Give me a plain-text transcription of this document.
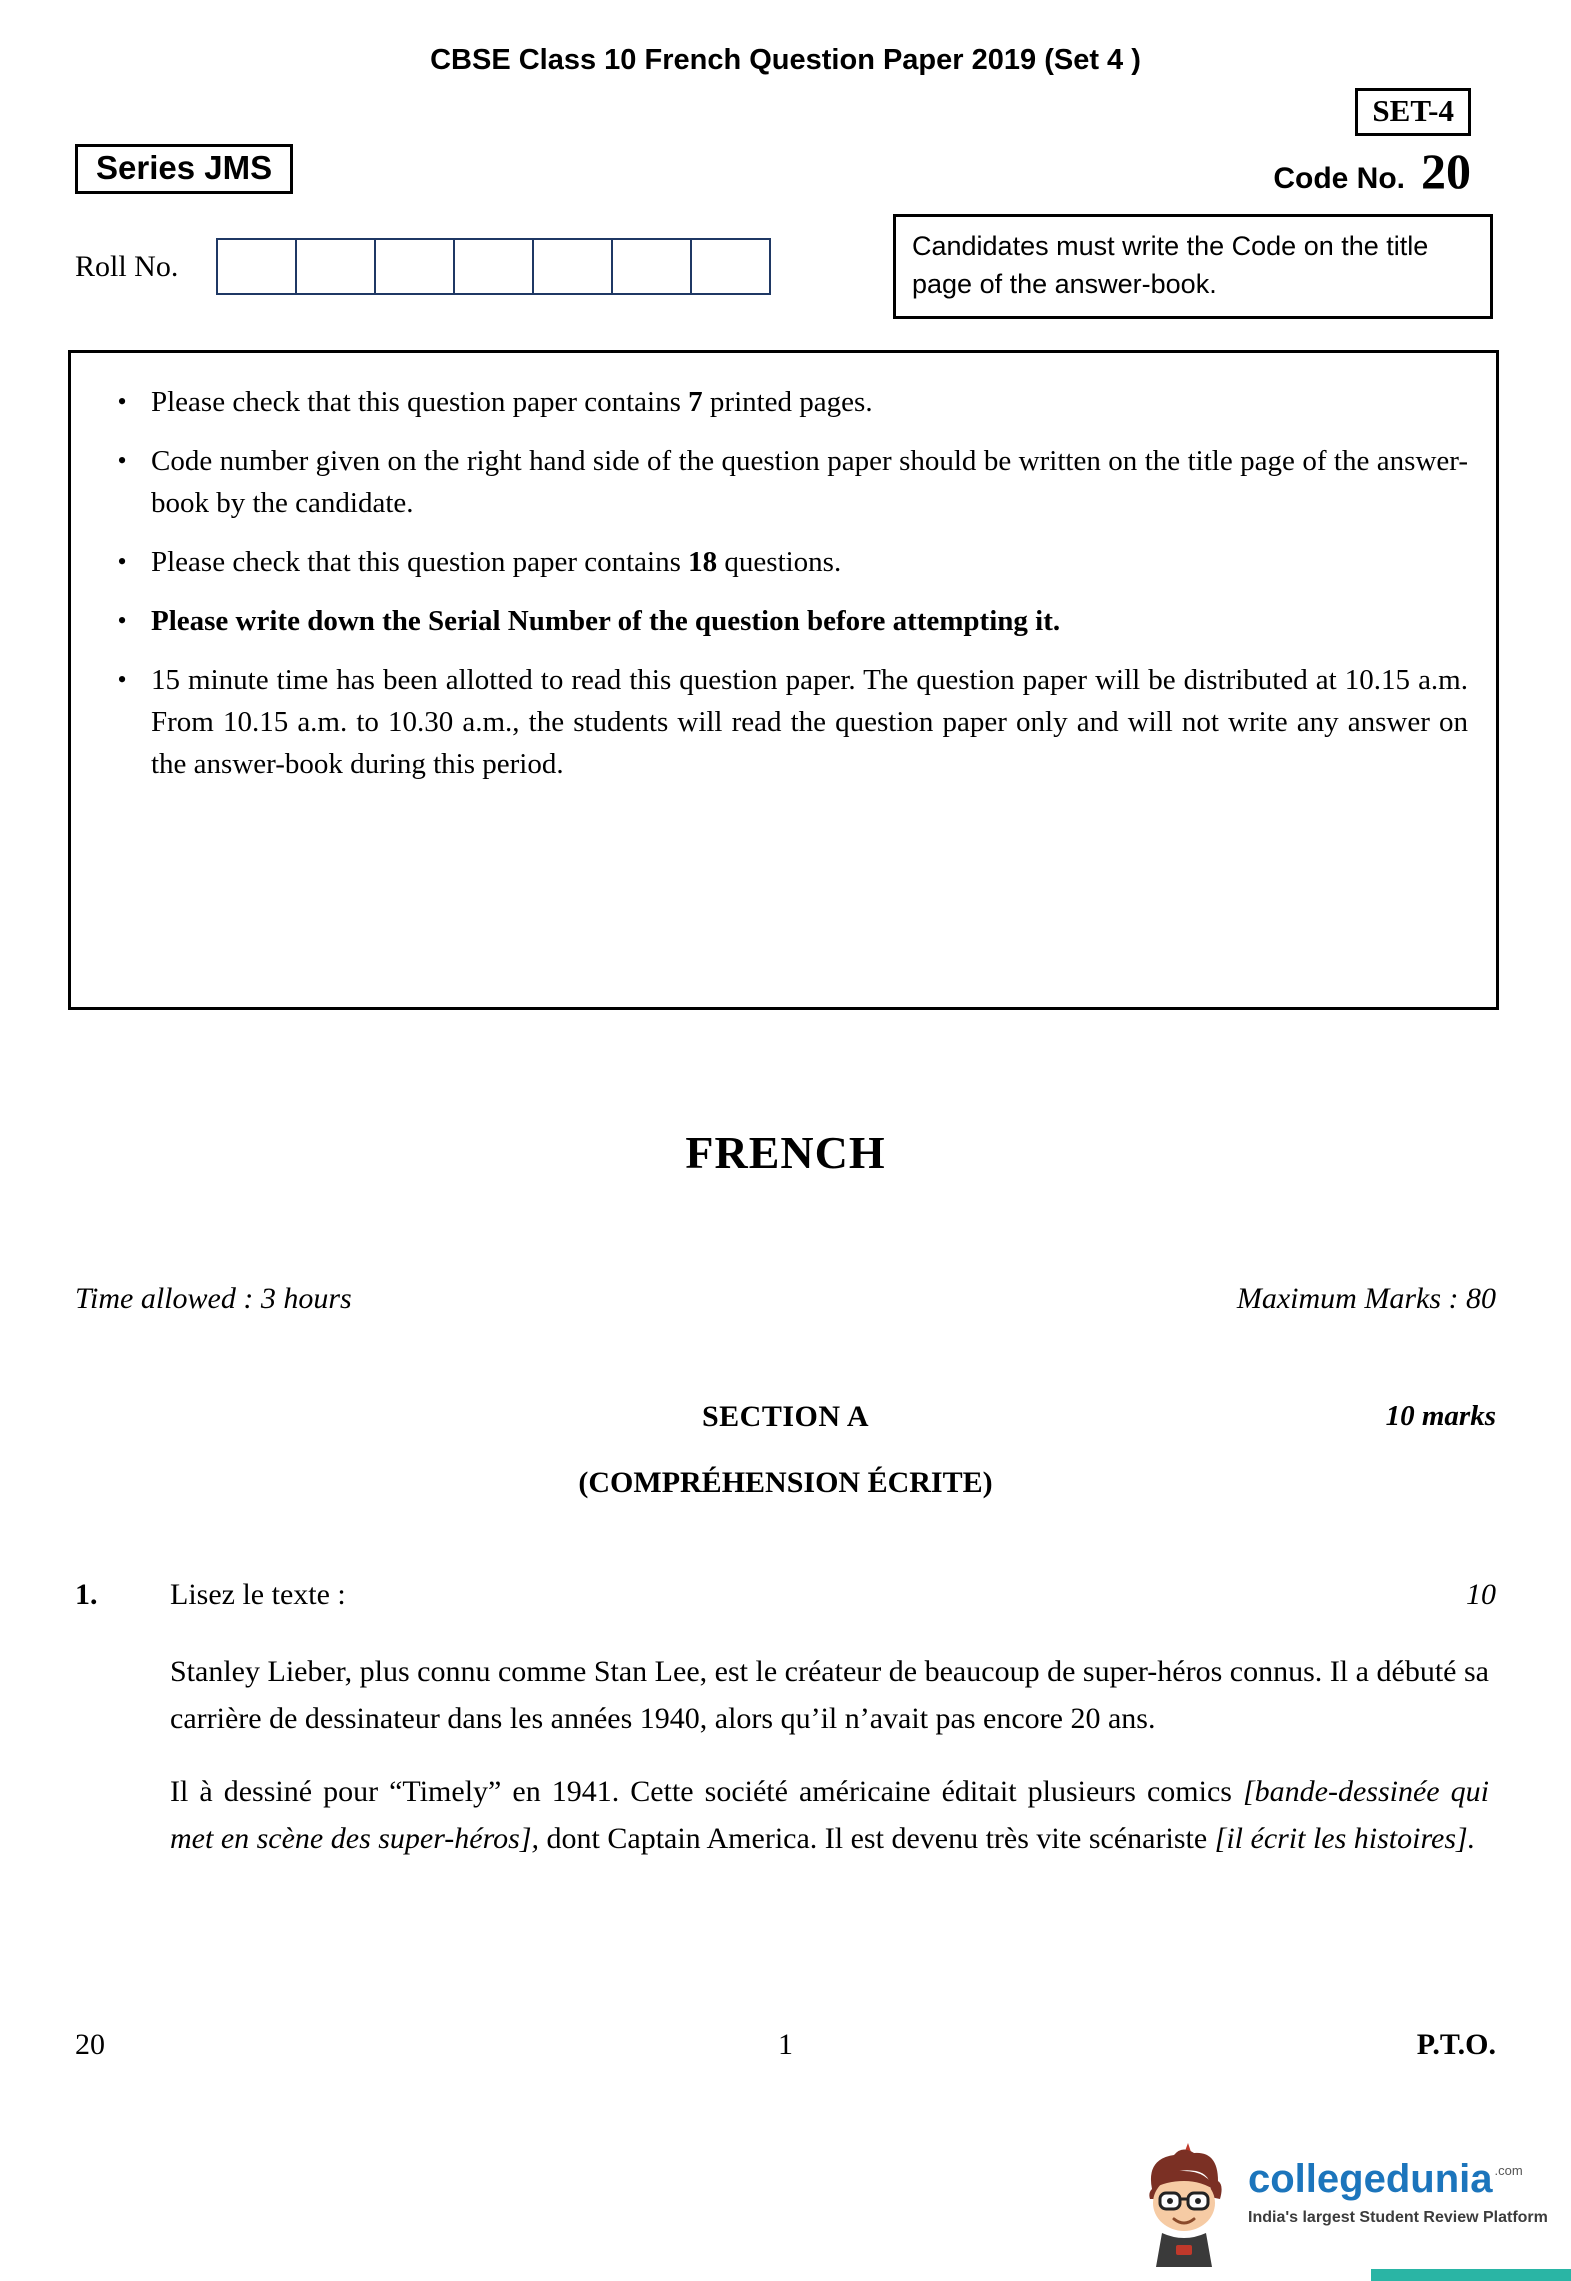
CBSE Class 10 French Question Paper 2019 (Set 4 )
SET-4
Series JMS	Code No. 20
Roll No.
Candidates must write the Code on the title page of the answer-book.
• Please check that this question paper contains 7 printed pages.
• Code number given on the right hand side of the question paper should be written on the title page of the answer-book by the candidate.
• Please check that this question paper contains 18 questions.
• Please write down the Serial Number of the question before attempting it.
• 15 minute time has been allotted to read this question paper. The question paper will be distributed at 10.15 a.m. From 10.15 a.m. to 10.30 a.m., the students will read the question paper only and will not write any answer on the answer-book during this period.
FRENCH
Time allowed : 3 hours	Maximum Marks : 80
SECTION A	10 marks
(COMPRÉHENSION ÉCRITE)
1.	Lisez le texte :	10
Stanley Lieber, plus connu comme Stan Lee, est le créateur de beaucoup de super-héros connus. Il a débuté sa carrière de dessinateur dans les années 1940, alors qu’il n’avait pas encore 20 ans.
Il à dessiné pour “Timely” en 1941. Cette société américaine éditait plusieurs comics [bande-dessinée qui met en scène des super-héros], dont Captain America. Il est devenu très vite scénariste [il écrit les histoires].
20	1	P.T.O.
collegedunia .com
India's largest Student Review Platform
